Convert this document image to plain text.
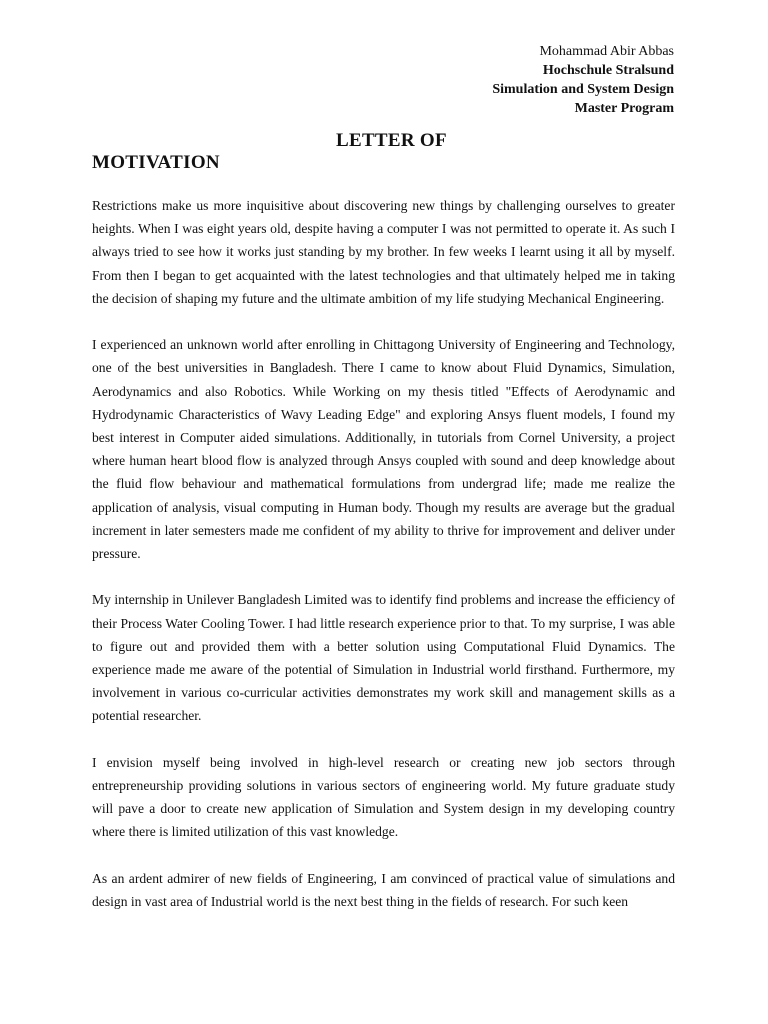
Mohammad Abir Abbas
Hochschule Stralsund
Simulation and System Design
Master Program
LETTER OF
MOTIVATION

Restrictions make us more inquisitive about discovering new things by challenging ourselves to greater heights. When I was eight years old, despite having a computer I was not permitted to operate it. As such I always tried to see how it works just standing by my brother. In few weeks I learnt using it all by myself. From then I began to get acquainted with the latest technologies and that ultimately helped me in taking the decision of shaping my future and the ultimate ambition of my life studying Mechanical Engineering.

I experienced an unknown world after enrolling in Chittagong University of Engineering and Technology, one of the best universities in Bangladesh. There I came to know about Fluid Dynamics, Simulation, Aerodynamics and also Robotics. While Working on my thesis titled "Effects of Aerodynamic and Hydrodynamic Characteristics of Wavy Leading Edge" and exploring Ansys fluent models, I found my best interest in Computer aided simulations. Additionally, in tutorials from Cornel University, a project where human heart blood flow is analyzed through Ansys coupled with sound and deep knowledge about the fluid flow behaviour and mathematical formulations from undergrad life; made me realize the application of analysis, visual computing in Human body. Though my results are average but the gradual increment in later semesters made me confident of my ability to thrive for improvement and deliver under pressure.

My internship in Unilever Bangladesh Limited was to identify find problems and increase the efficiency of their Process Water Cooling Tower. I had little research experience prior to that. To my surprise, I was able to figure out and provided them with a better solution using Computational Fluid Dynamics. The experience made me aware of the potential of Simulation in Industrial world firsthand. Furthermore, my involvement in various co-curricular activities demonstrates my work skill and management skills as a potential researcher.

I envision myself being involved in high-level research or creating new job sectors through entrepreneurship providing solutions in various sectors of engineering world. My future graduate study will pave a door to create new application of Simulation and System design in my developing country where there is limited utilization of this vast knowledge.

As an ardent admirer of new fields of Engineering, I am convinced of practical value of simulations and design in vast area of Industrial world is the next best thing in the fields of research. For such keen
